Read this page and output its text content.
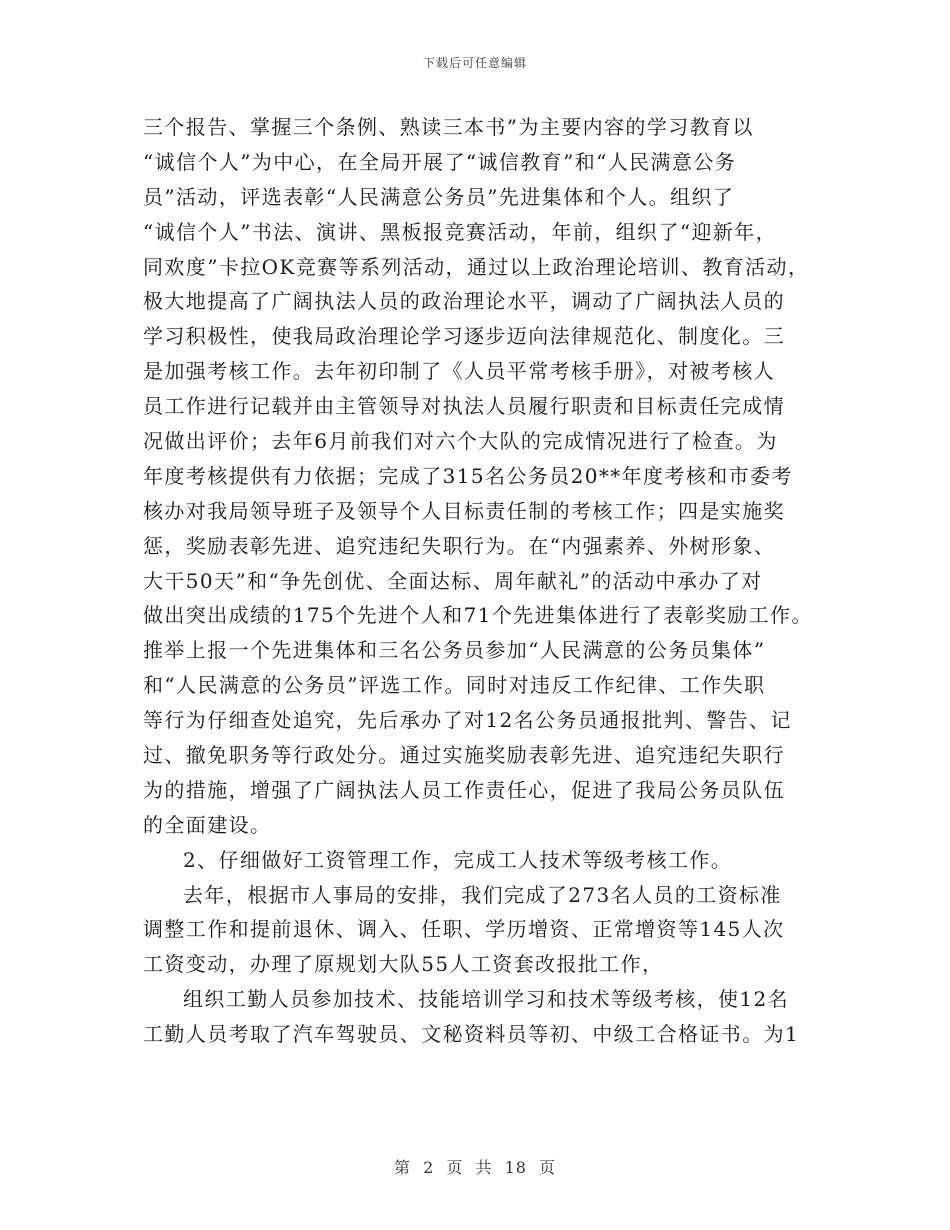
下载后可任意编辑
三个报告、掌握三个条例、熟读三本书”为主要内容的学习教育以
“诚信个人”为中心，在全局开展了“诚信教育”和“人民满意公务
员”活动，评选表彰“人民满意公务员”先进集体和个人。组织了
“诚信个人”书法、演讲、黑板报竞赛活动，年前，组织了“迎新年，
同欢度”卡拉OK竞赛等系列活动，通过以上政治理论培训、教育活动，
极大地提高了广阔执法人员的政治理论水平，调动了广阔执法人员的
学习积极性，使我局政治理论学习逐步迈向法律规范化、制度化。三
是加强考核工作。去年初印制了《人员平常考核手册》，对被考核人
员工作进行记载并由主管领导对执法人员履行职责和目标责任完成情
况做出评价；去年6月前我们对六个大队的完成情况进行了检查。为
年度考核提供有力依据；完成了315名公务员20**年度考核和市委考
核办对我局领导班子及领导个人目标责任制的考核工作；四是实施奖
惩，奖励表彰先进、追究违纪失职行为。在“内强素养、外树形象、
大干50天”和“争先创优、全面达标、周年献礼”的活动中承办了对
做出突出成绩的175个先进个人和71个先进集体进行了表彰奖励工作。
推举上报一个先进集体和三名公务员参加“人民满意的公务员集体”
和“人民满意的公务员”评选工作。同时对违反工作纪律、工作失职
等行为仔细查处追究，先后承办了对12名公务员通报批判、警告、记
过、撤免职务等行政处分。通过实施奖励表彰先进、追究违纪失职行
为的措施，增强了广阔执法人员工作责任心，促进了我局公务员队伍
的全面建设。
2、仔细做好工资管理工作，完成工人技术等级考核工作。
去年，根据市人事局的安排，我们完成了273名人员的工资标准
调整工作和提前退休、调入、任职、学历增资、正常增资等145人次
工资变动，办理了原规划大队55人工资套改报批工作，
组织工勤人员参加技术、技能培训学习和技术等级考核，使12名
工勤人员考取了汽车驾驶员、文秘资料员等初、中级工合格证书。为1
第 2 页 共 18 页
